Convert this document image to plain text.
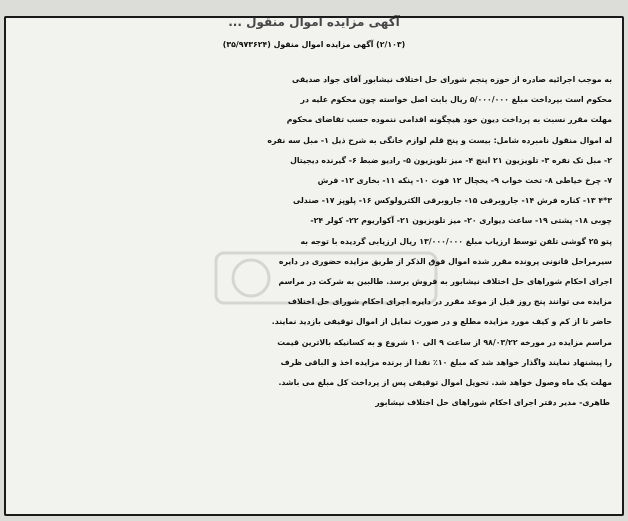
آگهی مزایده اموال منقول ...
(۲/۱۰۳) آگهی مزایده اموال منقول (۳۵/۹۷۳۶۲۴)
به موجب اجرائیه صادره از حوزه پنجم شورای حل اختلاف نیشابور آقای جواد صدیقی
محکوم است بپرداخت مبلغ ۵/۰۰۰/۰۰۰ ریال بابت اصل خواسته چون محکوم علیه در
مهلت مقرر نسبت به پرداخت دیون خود هیچگونه اقدامی ننموده حسب تقاضای محکوم
له اموال منقول نامبرده شامل: بیست و پنج قلم لوازم خانگی به شرح ذیل ۱- مبل سه نفره
۲- مبل تک نفره ۳- تلویزیون ۲۱ اینچ ۴- میز تلویزیون ۵- رادیو ضبط ۶- گیرنده دیجیتال
۷- چرخ خیاطی ۸- تخت خواب ۹- یخچال ۱۲ فوت ۱۰- پنکه ۱۱- بخاری ۱۲- فرش
۳*۴ ۱۳- کناره فرش ۱۴- جاروبرقی ۱۵- جاروبرقی الکترولوکس ۱۶- پلوپز ۱۷- صندلی
چوبی ۱۸- پشتی ۱۹- ساعت دیواری ۲۰- میز تلویزیون ۲۱- آکواریوم ۲۲- کولر ۲۴-
پتو ۲۵ گوشی تلفن توسط ارزیاب مبلغ ۱۳/۰۰۰/۰۰۰ ریال ارزیابی گردیده با توجه به
سیرمراحل قانونی پرونده مقرر شده اموال فوق الذکر از طریق مزایده حضوری در دایره
اجرای احکام شوراهای حل اختلاف نیشابور به فروش برسد. طالبین به شرکت در مراسم
مزایده می توانند پنج روز قبل از موعد مقرر در دایره اجرای احکام شورای حل اختلاف
حاضر تا از کم و کیف مورد مزایده مطلع و در صورت تمایل از اموال توقیفی بازدید نمایند.
مراسم مزایده در مورخه ۹۸/۰۳/۲۲ از ساعت ۹ الی ۱۰ شروع و به کسانیکه بالاترین قیمت
را پیشنهاد نمایند واگذار خواهد شد که مبلغ ۱۰٪ نقدا از برنده مزایده اخذ و الباقی ظرف
مهلت یک ماه وصول خواهد شد. تحویل اموال توقیفی پس از پرداخت کل مبلغ می باشد.
طاهری- مدیر دفتر اجرای احکام شوراهای حل اختلاف نیشابور
